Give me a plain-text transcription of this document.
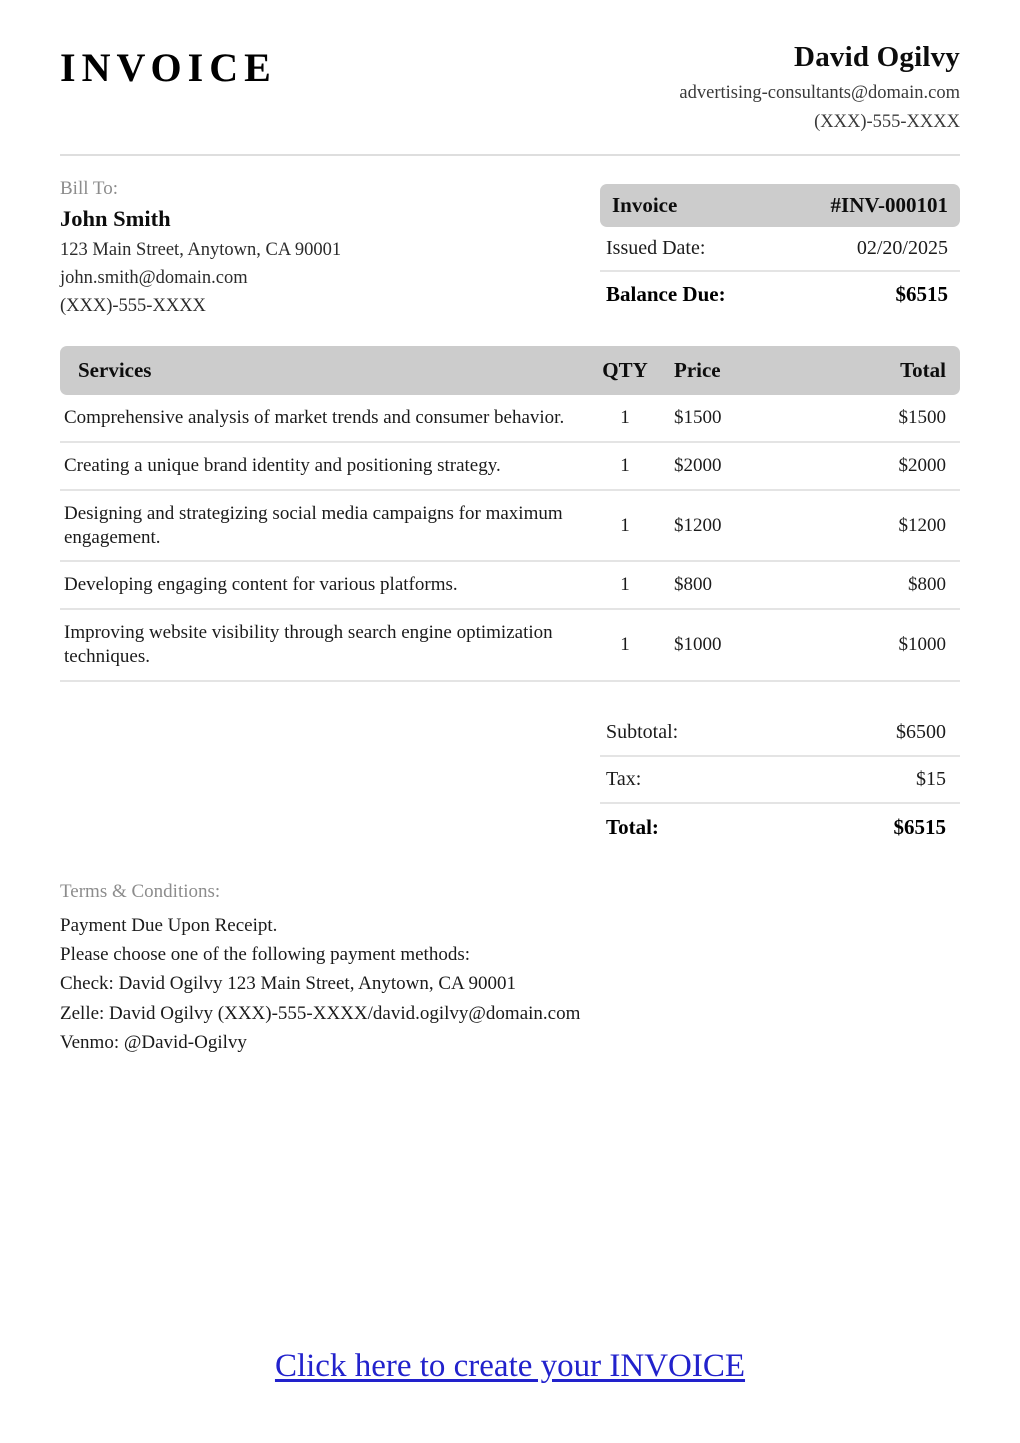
INVOICE	David Ogilvy
advertising-consultants@domain.com
(XXX)-555-XXXX
Bill To:
John Smith
123 Main Street, Anytown, CA 90001
john.smith@domain.com
(XXX)-555-XXXX
Invoice	#INV-000101
Issued Date:	02/20/2025
Balance Due:	$6515
Services	QTY	Price	Total
Comprehensive analysis of market trends and consumer behavior.	1	$1500	$1500
Creating a unique brand identity and positioning strategy.	1	$2000	$2000
Designing and strategizing social media campaigns for maximum engagement.	1	$1200	$1200
Developing engaging content for various platforms.	1	$800	$800
Improving website visibility through search engine optimization techniques.	1	$1000	$1000
Subtotal:	$6500
Tax:	$15
Total:	$6515
Terms & Conditions:
Payment Due Upon Receipt.
Please choose one of the following payment methods:
Check: David Ogilvy 123 Main Street, Anytown, CA 90001
Zelle: David Ogilvy (XXX)-555-XXXX/david.ogilvy@domain.com
Venmo: @David-Ogilvy
Click here to create your INVOICE
